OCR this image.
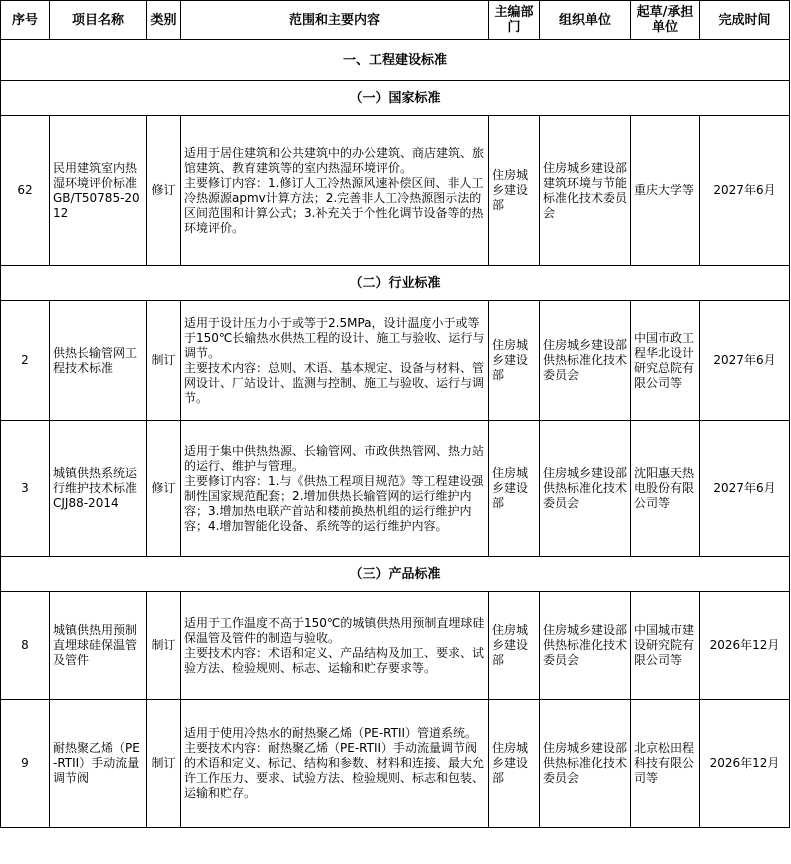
序号	项目名称	类别	范围和主要内容	主编部门	组织单位	起草/承担单位	完成时间
一、工程建设标准							
（一）国家标准							
62	民用建筑室内热湿环境评价标准GB/T50785-2012	修订	适用于居住建筑和公共建筑中的办公建筑、商店建筑、旅馆建筑、教育建筑等的室内热湿环境评价。
主要修订内容：1.修订人工冷热源风速补偿区间、非人工冷热源源apmv计算方法；2.完善非人工冷热源图示法的区间范围和计算公式；3.补充关于个性化调节设备等的热环境评价。	住房城乡建设部	住房城乡建设部建筑环境与节能标准化技术委员会	重庆大学等	2027年6月
（二）行业标准							
2	供热长输管网工程技术标准	制订	适用于设计压力小于或等于2.5MPa，设计温度小于或等于150℃长输热水供热工程的设计、施工与验收、运行与调节。
主要技术内容：总则、术语、基本规定、设备与材料、管网设计、厂站设计、监测与控制、施工与验收、运行与调节。	住房城乡建设部	住房城乡建设部供热标准化技术委员会	中国市政工程华北设计研究总院有限公司等	2027年6月
3	城镇供热系统运行维护技术标准CJJ88-2014	修订	适用于集中供热热源、长输管网、市政供热管网、热力站的运行、维护与管理。
主要修订内容：1.与《供热工程项目规范》等工程建设强制性国家规范配套；2.增加供热长输管网的运行维护内容；3.增加热电联产首站和楼前换热机组的运行维护内容；4.增加智能化设备、系统等的运行维护内容。	住房城乡建设部	住房城乡建设部供热标准化技术委员会	沈阳惠天热电股份有限公司等	2027年6月
（三）产品标准							
8	城镇供热用预制直埋球硅保温管及管件	制订	适用于工作温度不高于150℃的城镇供热用预制直埋球硅保温管及管件的制造与验收。
主要技术内容：术语和定义、产品结构及加工、要求、试验方法、检验规则、标志、运输和贮存要求等。	住房城乡建设部	住房城乡建设部供热标准化技术委员会	中国城市建设研究院有限公司等	2026年12月
9	耐热聚乙烯（PE-RTII）手动流量调节阀	制订	适用于使用冷热水的耐热聚乙烯（PE-RTII）管道系统。
主要技术内容：耐热聚乙烯（PE-RTII）手动流量调节阀的术语和定义、标记、结构和参数、材料和连接、最大允许工作压力、要求、试验方法、检验规则、标志和包装、运输和贮存。	住房城乡建设部	住房城乡建设部供热标准化技术委员会	北京松田程科技有限公司等	2026年12月
